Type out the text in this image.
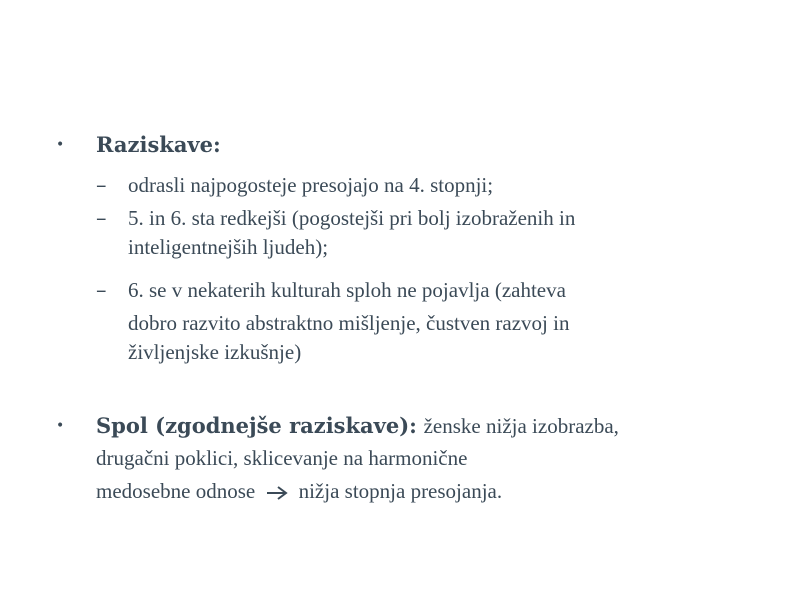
• Raziskave:
– odrasli najpogosteje presojajo na 4. stopnji;
– 5. in 6. sta redkejši (pogostejši pri bolj izobraženih in
inteligentnejših ljudeh);
– 6. se v nekaterih kulturah sploh ne pojavlja (zahteva
dobro razvito abstraktno mišljenje, čustven razvoj in
življenjske izkušnje)
• Spol (zgodnejše raziskave): ženske nižja izobrazba,
drugačni poklici, sklicevanje na harmonične
medosebne odnose nižja stopnja presojanja.
